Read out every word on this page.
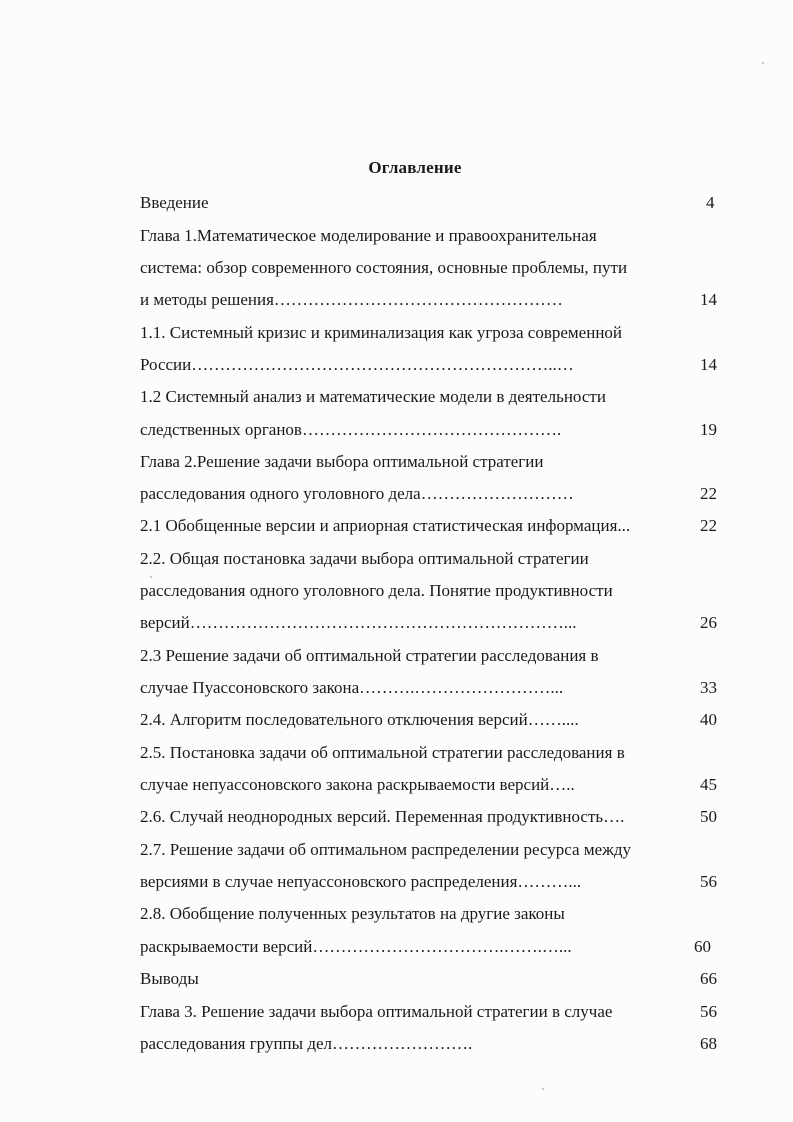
Оглавление
Введение	4
Глава 1.Математическое моделирование и правоохранительная
система: обзор современного состояния, основные проблемы, пути
и методы решения……………………………………………	14
1.1. Системный кризис и криминализация как угроза современной
России………………………………………………………..…	14
1.2 Системный анализ и математические модели в деятельности
следственных органов……………………………………….	19
Глава 2.Решение задачи выбора оптимальной стратегии
расследования одного уголовного дела………………………	22
2.1 Обобщенные версии и априорная статистическая информация...	22
2.2. Общая постановка задачи выбора оптимальной стратегии
расследования одного уголовного дела. Понятие продуктивности
версий…………………………………………………………...	26
2.3 Решение задачи об оптимальной стратегии расследования в
случае Пуассоновского закона……….……………………...	33
2.4. Алгоритм последовательного отключения версий……....	40
2.5. Постановка задачи об оптимальной стратегии расследования в
случае непуассоновского закона раскрываемости версий…..	45
2.6. Случай неоднородных версий. Переменная продуктивность….	50
2.7. Решение задачи об оптимальном распределении ресурса между
версиями в случае непуассоновского распределения………...	56
2.8. Обобщение полученных результатов на другие законы
раскрываемости версий…………………………….…….…...	60
Выводы	66
Глава 3. Решение задачи выбора оптимальной стратегии в случае	56
расследования группы дел…………………….	68
